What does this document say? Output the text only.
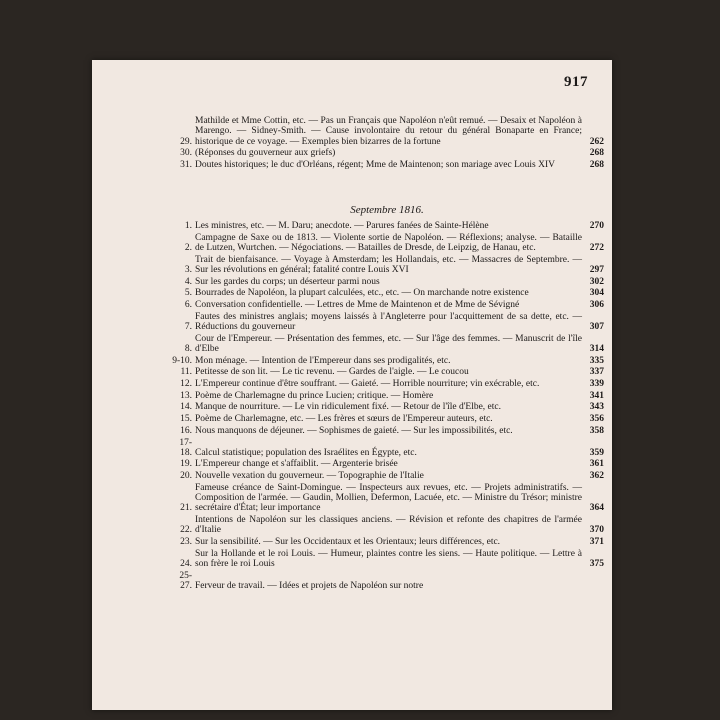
917
29.
Mathilde et Mme Cottin, etc. — Pas un Français que Napoléon n'eût remué. — Desaix et Napoléon à Marengo. — Sidney-Smith. — Cause involontaire du retour du général Bonaparte en France; historique de ce voyage. — Exemples bien bizarres de la fortune	262
30. (Réponses du gouverneur aux griefs)	268
31. Doutes historiques; le duc d'Orléans, régent; Mme de Maintenon; son mariage avec Louis XIV	268
Septembre 1816.
1. Les ministres, etc. — M. Daru; anecdote. — Parures fanées de Sainte-Hélène	270
2.
Campagne de Saxe ou de 1813. — Violente sortie de Napoléon. — Réflexions; analyse. — Bataille de Lutzen, Wurtchen. — Négociations. — Batailles de Dresde, de Leipzig, de Hanau, etc.	272
3.
Trait de bienfaisance. — Voyage à Amsterdam; les Hollandais, etc. — Massacres de Septembre. — Sur les révolutions en général; fatalité contre Louis XVI	297
4. Sur les gardes du corps; un déserteur parmi nous	302
5. Bourrades de Napoléon, la plupart calculées, etc., etc. — On marchande notre existence	304
6. Conversation confidentielle. — Lettres de Mme de Maintenon et de Mme de Sévigné	306
7.
Fautes des ministres anglais; moyens laissés à l'Angleterre pour l'acquittement de sa dette, etc. — Réductions du gouverneur	307
8.
Cour de l'Empereur. — Présentation des femmes, etc. — Sur l'âge des femmes. — Manuscrit de l'île d'Elbe	314
9-10. Mon ménage. — Intention de l'Empereur dans ses prodigalités, etc.	335
11. Petitesse de son lit. — Le tic revenu. — Gardes de l'aigle. — Le coucou	337
12. L'Empereur continue d'être souffrant. — Gaieté. — Horrible nourriture; vin exécrable, etc.	339
13. Poème de Charlemagne du prince Lucien; critique. — Homère	341
14. Manque de nourriture. — Le vin ridiculement fixé. — Retour de l'île d'Elbe, etc.	343
15. Poème de Charlemagne, etc. — Les frères et sœurs de l'Empereur auteurs, etc.	356
16. Nous manquons de déjeuner. — Sophismes de gaieté. — Sur les impossibilités, etc.	358
17-18. Calcul statistique; population des Israélites en Égypte, etc.	359
19. L'Empereur change et s'affaiblit. — Argenterie brisée	361
20. Nouvelle vexation du gouverneur. — Topographie de l'Italie	362
21.
Fameuse créance de Saint-Domingue. — Inspecteurs aux revues, etc. — Projets administratifs. — Composition de l'armée. — Gaudin, Mollien, Defermon, Lacuée, etc. — Ministre du Trésor; ministre secrétaire d'État; leur importance	364
22.
Intentions de Napoléon sur les classiques anciens. — Révision et refonte des chapitres de l'armée d'Italie	370
23. Sur la sensibilité. — Sur les Occidentaux et les Orientaux; leurs différences, etc.	371
24.
Sur la Hollande et le roi Louis. — Humeur, plaintes contre les siens. — Haute politique. — Lettre à son frère le roi Louis	375
25-27. Ferveur de travail. — Idées et projets de Napoléon sur notre
